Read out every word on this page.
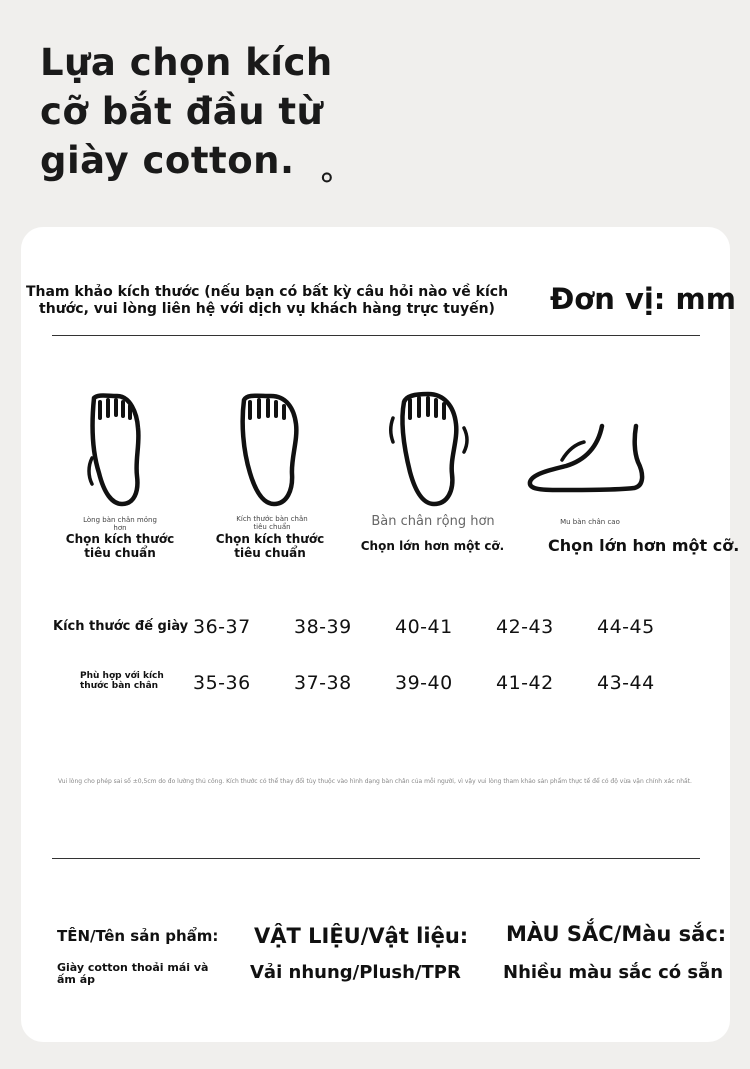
Lựa chọn kích
cỡ bắt đầu từ
giày cotton. 。
Tham khảo kích thước (nếu bạn có bất kỳ câu hỏi nào về kích thước, vui lòng liên hệ với dịch vụ khách hàng trực tuyến)	Đơn vị: mm
Lòng bàn chân mỏng hơn
Chọn kích thước tiêu chuẩn
Kích thước bàn chân tiêu chuẩn
Chọn kích thước tiêu chuẩn
Bàn chân rộng hơn
Chọn lớn hơn một cỡ.
Mu bàn chân cao
Chọn lớn hơn một cỡ.
Kích thước đế giày 36-37 38-39 40-41 42-43 44-45
Phù hợp với kích thước bàn chân	35-36 37-38 39-40 41-42 43-44
Vui lòng cho phép sai số ±0,5cm do đo lường thủ công. Kích thước có thể thay đổi tùy thuộc vào hình dạng bàn chân của mỗi người, vì vậy vui lòng tham khảo sản phẩm thực tế để có độ vừa vặn chính xác nhất.
TÊN/Tên sản phẩm:
Giày cotton thoải mái và ấm áp
VẬT LIỆU/Vật liệu:
Vải nhung/Plush/TPR
MÀU SẮC/Màu sắc:
Nhiều màu sắc có sẵn
